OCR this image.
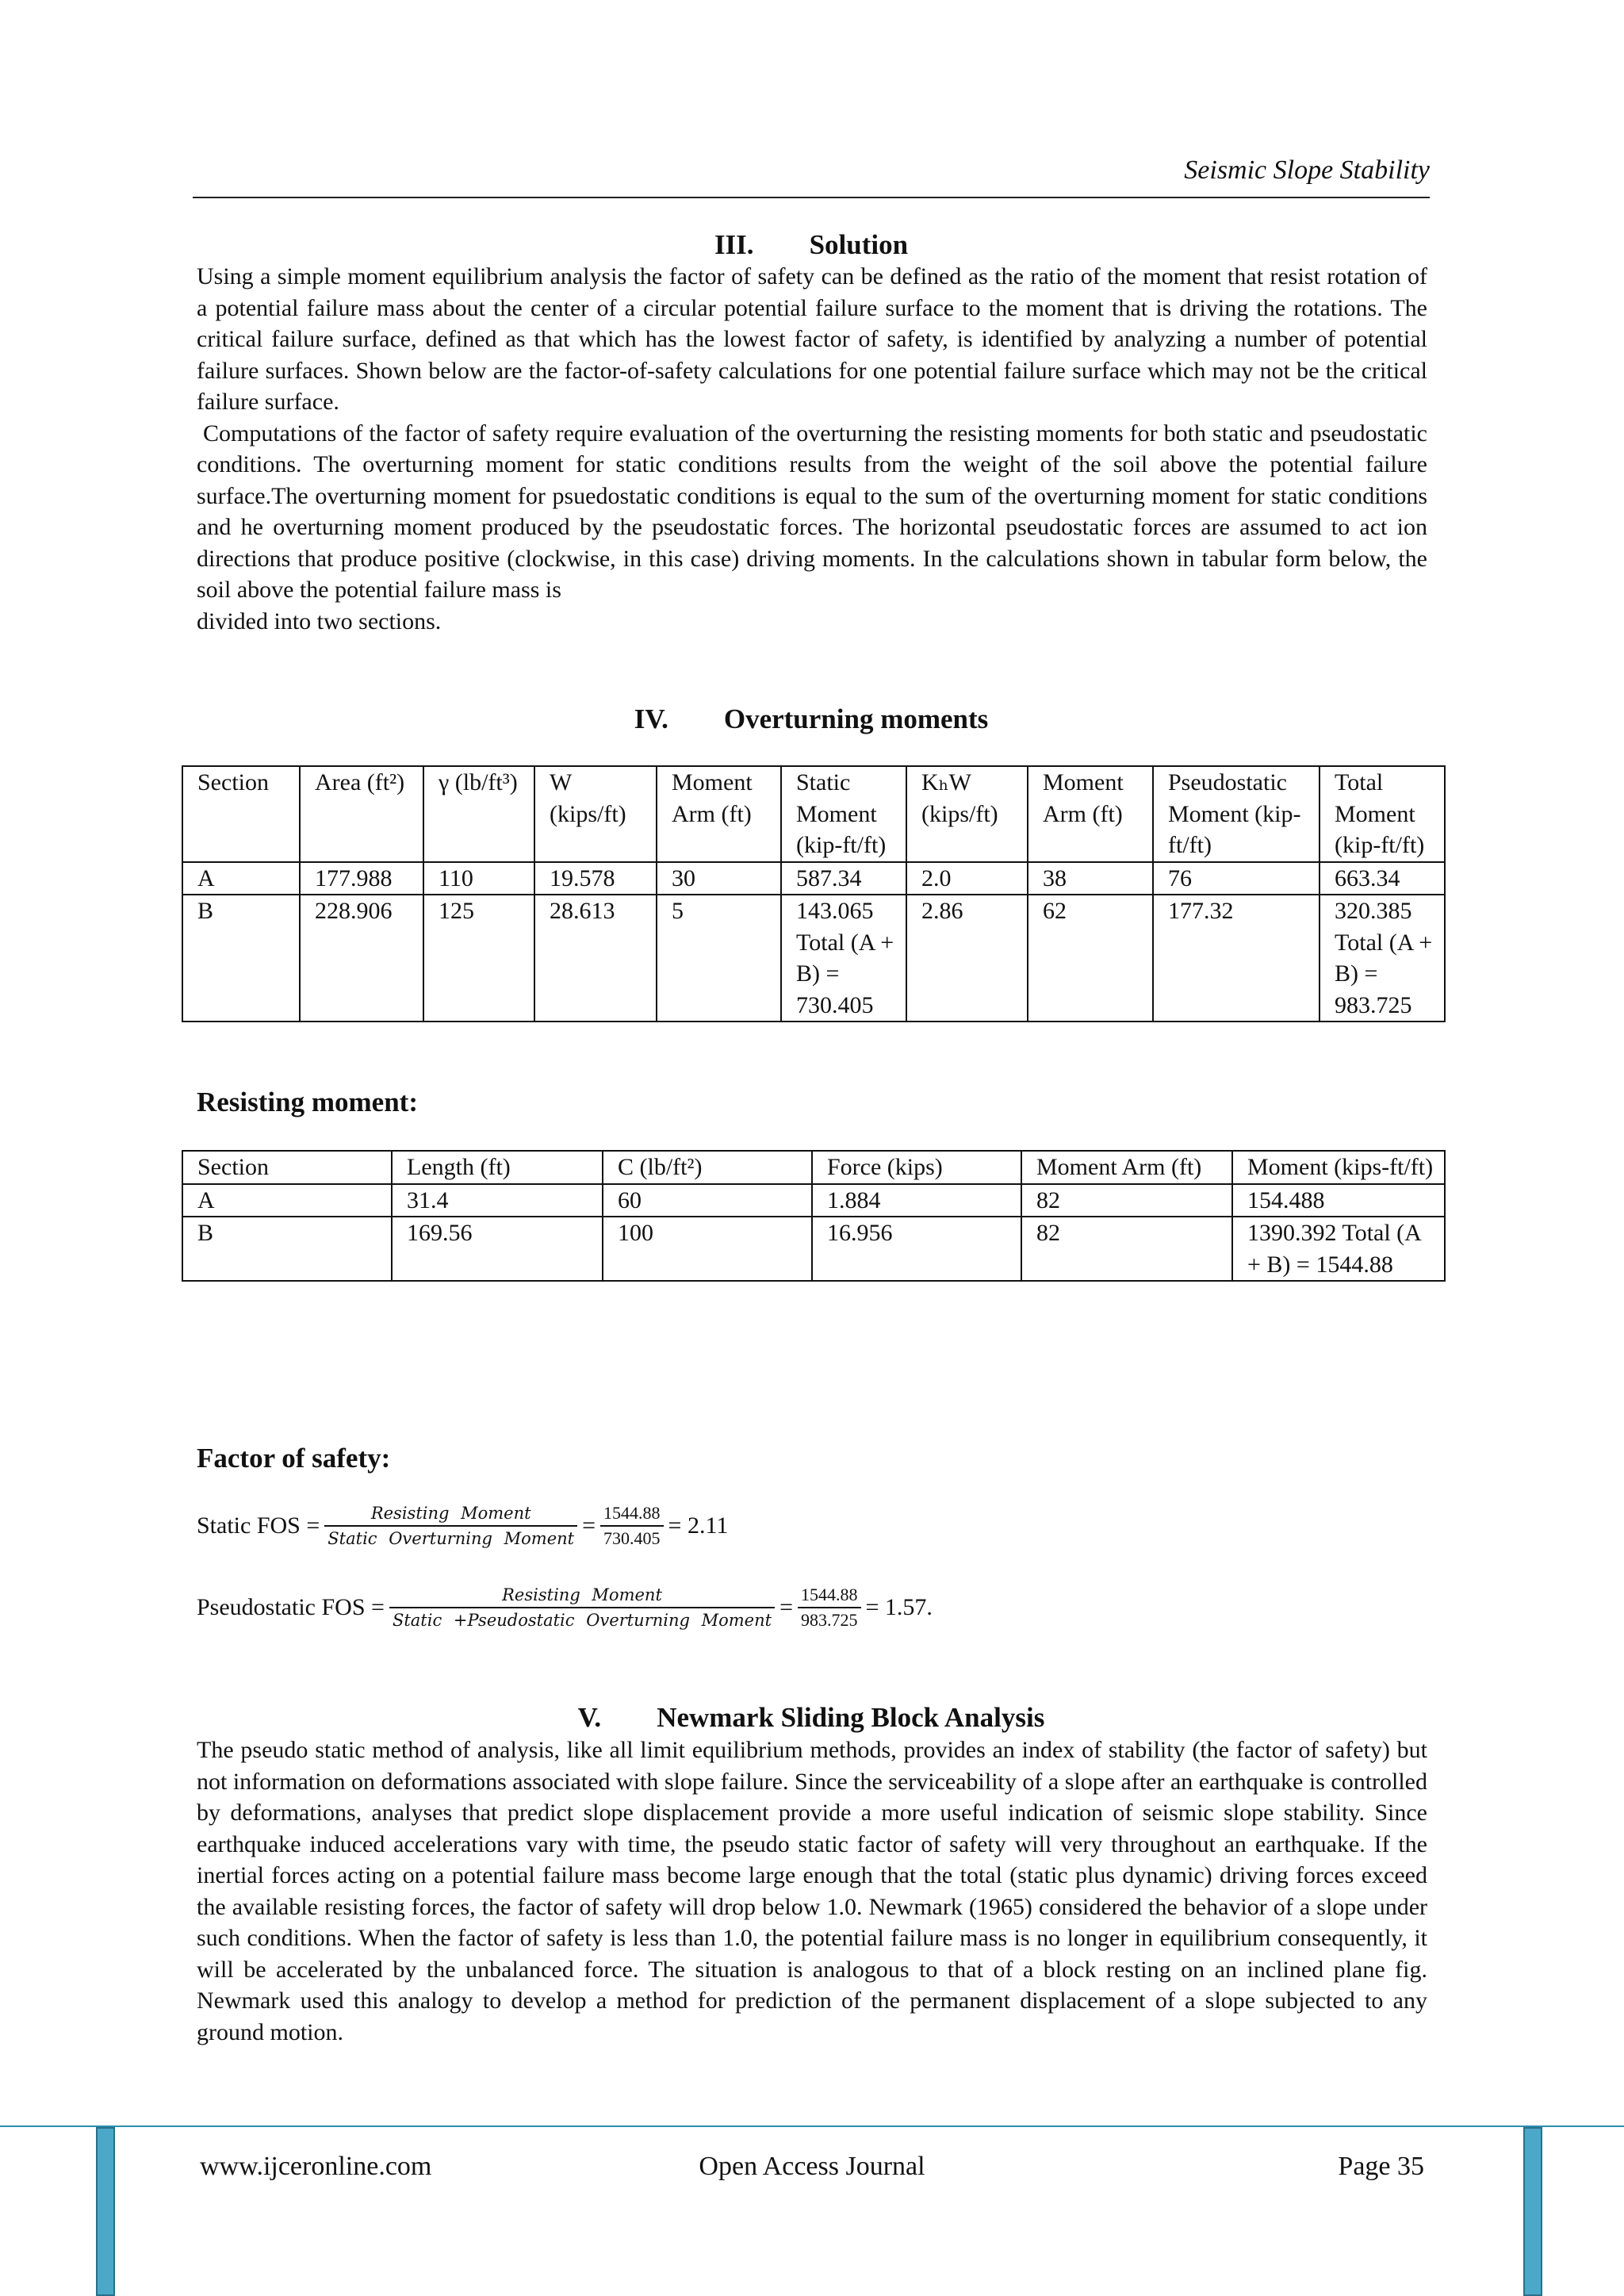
Seismic Slope Stability
III. Solution

Using a simple moment equilibrium analysis the factor of safety can be defined as the ratio of the moment that resist rotation of a potential failure mass about the center of a circular potential failure surface to the moment that is driving the rotations. The critical failure surface, defined as that which has the lowest factor of safety, is identified by analyzing a number of potential failure surfaces. Shown below are the factor-of-safety calculations for one potential failure surface which may not be the critical failure surface.

Computations of the factor of safety require evaluation of the overturning the resisting moments for both static and pseudostatic conditions. The overturning moment for static conditions results from the weight of the soil above the potential failure surface.The overturning moment for psuedostatic conditions is equal to the sum of the overturning moment for static conditions and he overturning moment produced by the pseudostatic forces. The horizontal pseudostatic forces are assumed to act ion directions that produce positive (clockwise, in this case) driving moments. In the calculations shown in tabular form below, the soil above the potential failure mass is

divided into two sections.

IV. Overturning moments
Section	Area (ft²)	γ (lb/ft³)	W (kips/ft)	Moment Arm (ft)	Static Moment (kip-ft/ft)	KₕW (kips/ft)	Moment Arm (ft)	Pseudostatic Moment (kip-ft/ft)	Total Moment (kip-ft/ft)
A	177.988	110	19.578	30	587.34	2.0	38	76	663.34
B	228.906	125	28.613	5	143.065 Total (A + B) = 730.405	2.86	62	177.32	320.385 Total (A + B) = 983.725
Resisting moment:
Section	Length (ft)	C (lb/ft²)	Force (kips)	Moment Arm (ft)	Moment (kips-ft/ft)
A	31.4	60	1.884	82	154.488
B	169.56	100	16.956	82	1390.392 Total (A + B) = 1544.88
Factor of safety:
Static FOS = $\frac{\text{Resisting Moment}}{\text{Static Overturning Moment}} = \frac{1544.88}{730.405} = 2.11$
Pseudostatic FOS = $\frac{\text{Resisting Moment}}{\text{Static +Pseudostatic Overturning Moment}} = \frac{1544.88}{983.725} = 1.57$.
V. Newmark Sliding Block Analysis

The pseudo static method of analysis, like all limit equilibrium methods, provides an index of stability (the factor of safety) but not information on deformations associated with slope failure. Since the serviceability of a slope after an earthquake is controlled by deformations, analyses that predict slope displacement provide a more useful indication of seismic slope stability. Since earthquake induced accelerations vary with time, the pseudo static factor of safety will very throughout an earthquake. If the inertial forces acting on a potential failure mass become large enough that the total (static plus dynamic) driving forces exceed the available resisting forces, the factor of safety will drop below 1.0. Newmark (1965) considered the behavior of a slope under such conditions. When the factor of safety is less than 1.0, the potential failure mass is no longer in equilibrium consequently, it will be accelerated by the unbalanced force. The situation is analogous to that of a block resting on an inclined plane fig. Newmark used this analogy to develop a method for prediction of the permanent displacement of a slope subjected to any ground motion.

www.ijceronline.com	Open Access Journal	Page 35
